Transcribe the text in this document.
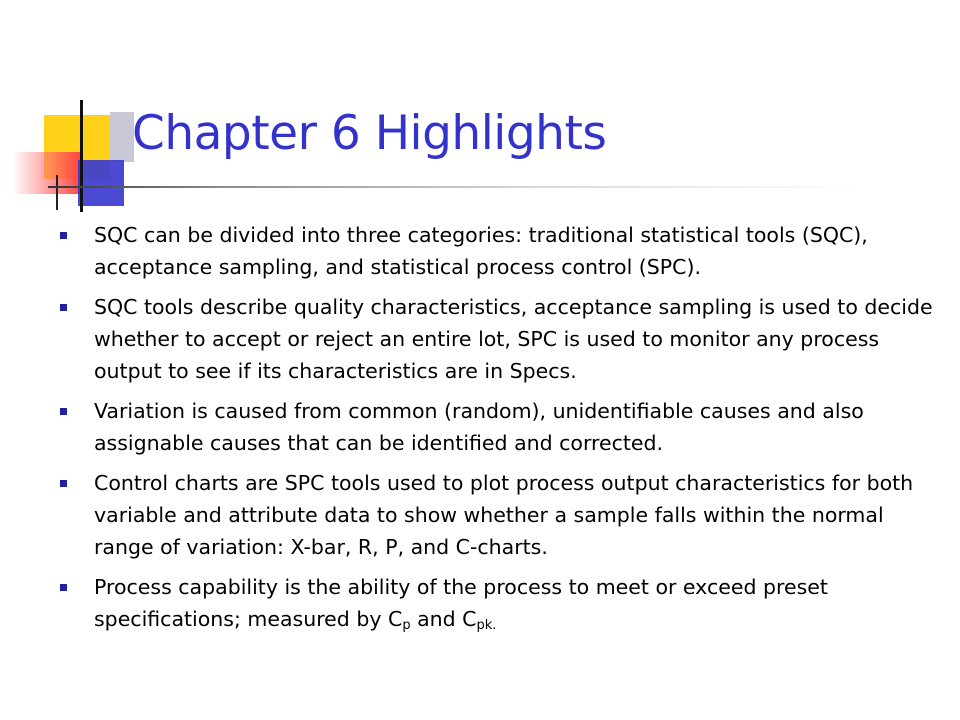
Chapter 6 Highlights
SQC can be divided into three categories: traditional statistical tools (SQC), acceptance sampling, and statistical process control (SPC).
SQC tools describe quality characteristics, acceptance sampling is used to decide whether to accept or reject an entire lot, SPC is used to monitor any process output to see if its characteristics are in Specs.
Variation is caused from common (random), unidentifiable causes and also assignable causes that can be identified and corrected.
Control charts are SPC tools used to plot process output characteristics for both variable and attribute data to show whether a sample falls within the normal range of variation: X-bar, R, P, and C-charts.
Process capability is the ability of the process to meet or exceed preset specifications; measured by $C_p$ and $C_{pk.}$
